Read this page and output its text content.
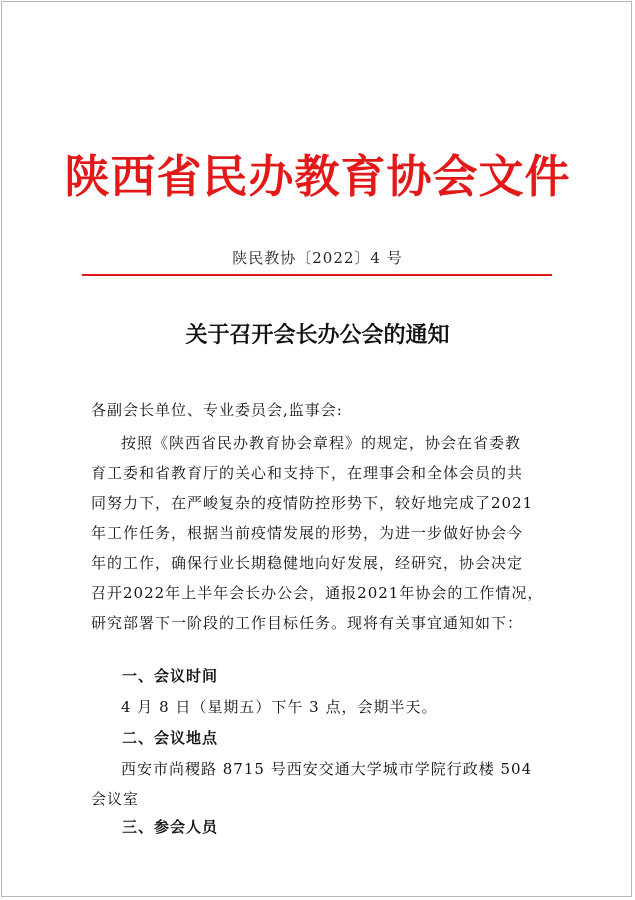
陕西省民办教育协会文件
陕民教协〔2022〕4 号
关于召开会长办公会的通知
各副会长单位、专业委员会,监事会:
按照《陕西省民办教育协会章程》的规定，协会在省委教
育工委和省教育厅的关心和支持下，在理事会和全体会员的共
同努力下，在严峻复杂的疫情防控形势下，较好地完成了2021
年工作任务，根据当前疫情发展的形势，为进一步做好协会今
年的工作，确保行业长期稳健地向好发展，经研究，协会决定
召开2022年上半年会长办公会，通报2021年协会的工作情况，
研究部署下一阶段的工作目标任务。现将有关事宜通知如下：
一、会议时间
4 月 8 日（星期五）下午 3 点，会期半天。
二、会议地点
西安市尚稷路 8715 号西安交通大学城市学院行政楼 504
会议室
三、参会人员
